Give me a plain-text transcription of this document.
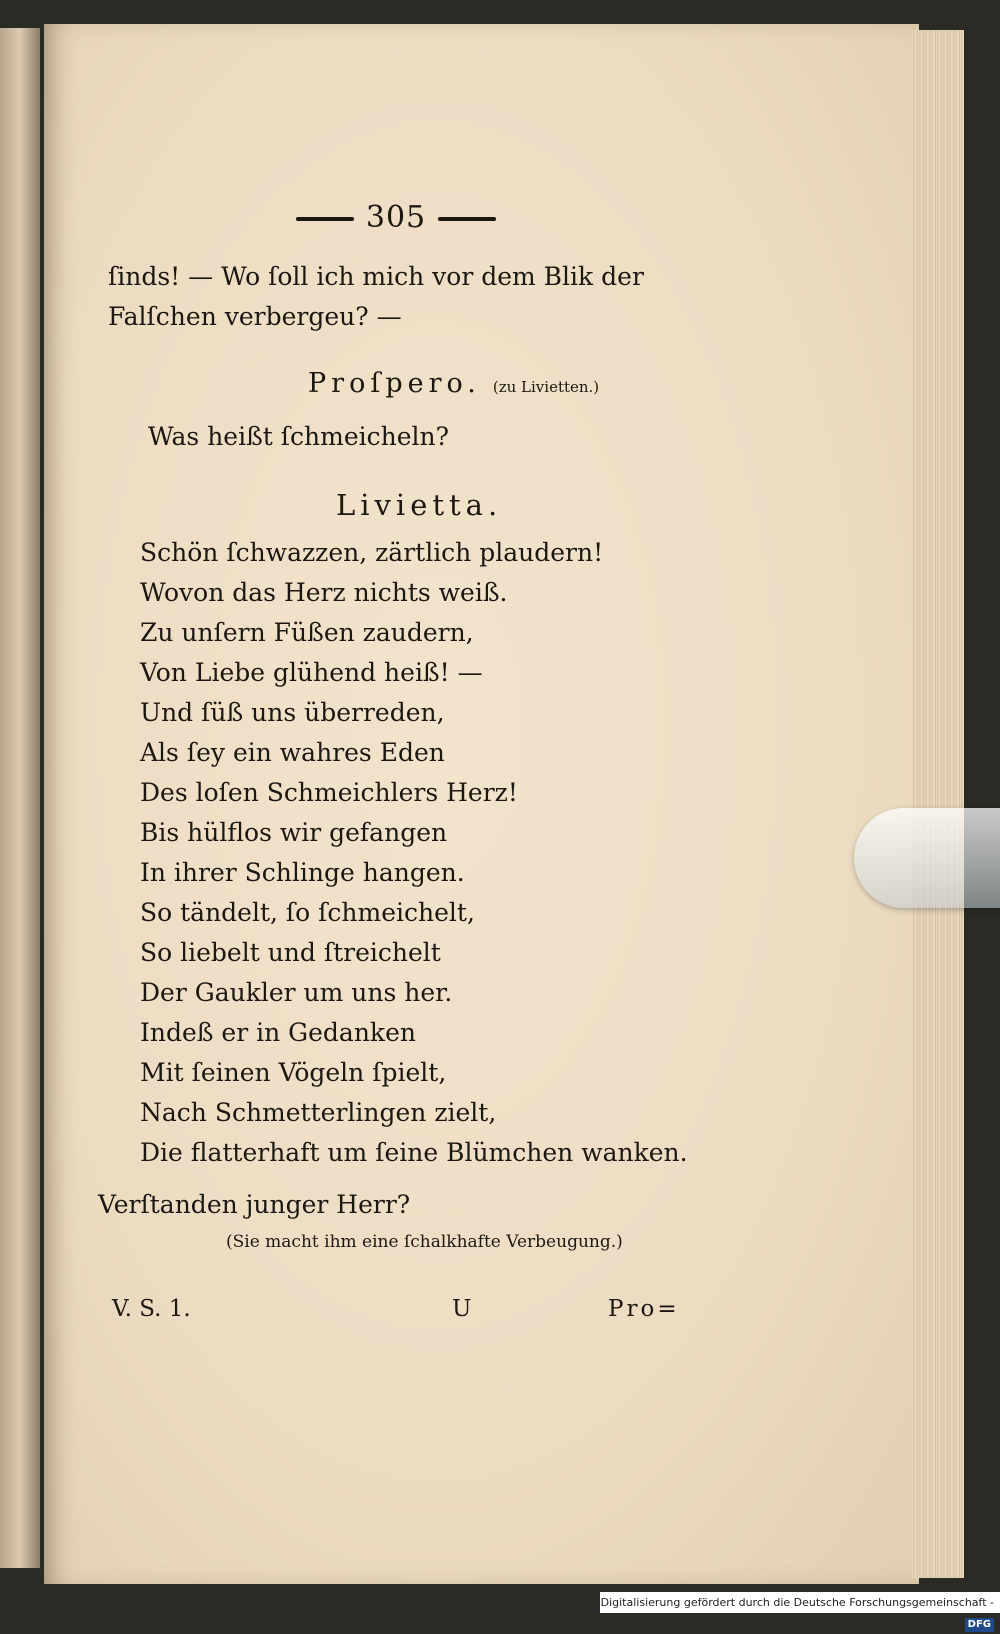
305
ſinds! — Wo ſoll ich mich vor dem Blik der
Falſchen verbergeu? —
Proſpero. (zu Livietten.)
Was heißt ſchmeicheln?
Livietta.
Schön ſchwazzen, zärtlich plaudern!
Wovon das Herz nichts weiß.
Zu unſern Füßen zaudern,
Von Liebe glühend heiß! —
Und ſüß uns überreden,
Als ſey ein wahres Eden
Des loſen Schmeichlers Herz!
Bis hülflos wir gefangen
In ihrer Schlinge hangen.
So tändelt, ſo ſchmeichelt,
So liebelt und ſtreichelt
Der Gaukler um uns her.
Indeß er in Gedanken
Mit ſeinen Vögeln ſpielt,
Nach Schmetterlingen zielt,
Die flatterhaft um ſeine Blümchen wanken.
Verſtanden junger Herr?
(Sie macht ihm eine ſchalkhafte Verbeugung.)
V. S. 1.	U	Pro=
Digitalisierung gefördert durch die Deutsche Forschungsgemeinschaft -DFG
